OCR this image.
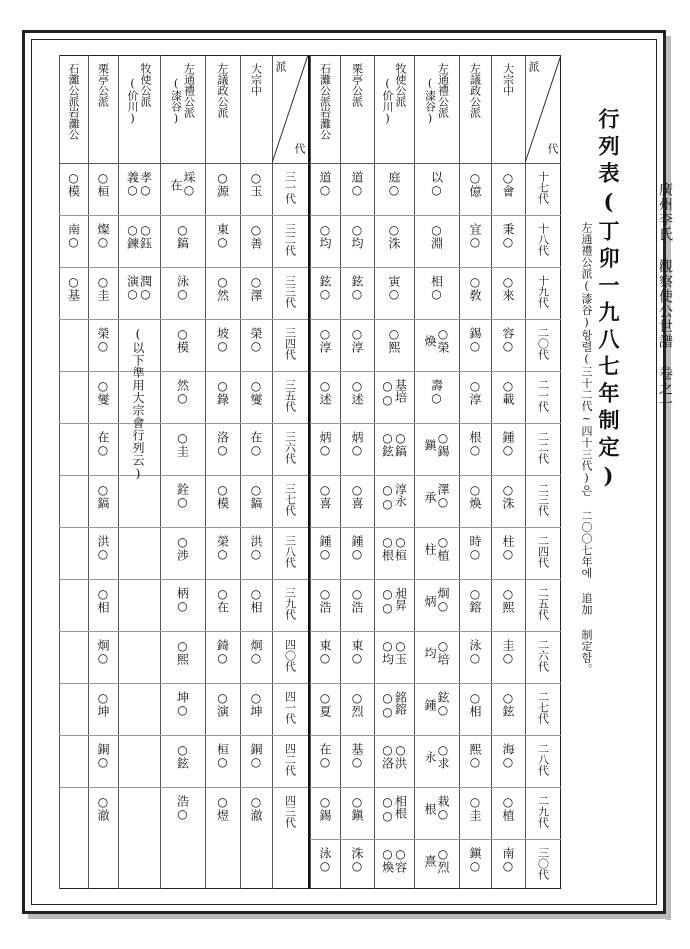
廣州李氏 觀察使公世譜 卷之一
行列表(丁卯一九八七年制定)
左通禮公派(漆谷)항렬(三十二代~四十三代)은 二〇〇七年에 追加 制定함。
代
派
大宗中
左議政公派
左通禮公派
(漆谷)
牧使公派
(价川)
栗亭公派
石灘公派岩灘公
十七代
○會
○億
以○
庭○
道○
道○
十八代
秉○
宜○
○淵
○洙
○均
○均
十九代
○來
○敎
相○
寅○
鉉○
鉉○
二〇代
容○
錫○
○榮
煥
○熙
○淳
○淳
二一代
○載
○淳
壽○
基培
○○
○述
○述
二二代
鍾○
根○
○錫
鎭
○鎬
○鉉
炳○
炳○
二三代
○洙
○煥
澤○
承
淳永
○○
○喜
○喜
二四代
柱○
時○
○植
柱
○桓
○根
鍾○
鍾○
二五代
○熙
○鎔
炯○
炳
昶昇
○○
○浩
○浩
二六代
圭○
泳○
○培
均
○玉
○均
東○
東○
二七代
○鉉
○相
鉉○
鍾
銘鎔
○○
○烈
○夏
二八代
海○
熙○
○求
永
○洪
○洛
基○
在○
二九代
○植
○圭
栽○
根
相根
○○
○鎭
○錫
三〇代
南○
鎭○
○烈
熹
○容
○煥
洙○
泳○
代
派
大宗中
左議政公派
左通禮公派
(漆谷)
牧使公派
(价川)
栗亭公派
石灘公派岩灘公
三一代
○玉
○源
埰○
在
孝○
義○
○桓
○模
三二代
○善
東○
○鎬
○鈺
○鍊
燦○
南○
三三代
○澤
○然
泳○
潤○
演○
○圭
○基
三四代
榮○
坡○
○模
榮○
三五代
○燮
○錄
然○
○燮
三六代
在○
洛○
○圭
在○
三七代
○鎬
○模
銓○
○鎬
三八代
洪○
榮○
○渉
洪○
三九代
○相
○在
柄○
○相
四〇代
炯○
錡○
○熙
炯○
四一代
○坤
○演
坤○
○坤
四二代
銅○
桓○
○鉉
銅○
四三代
○澈
○煜
浩○
○澈
(以下準用大宗會行列云)
